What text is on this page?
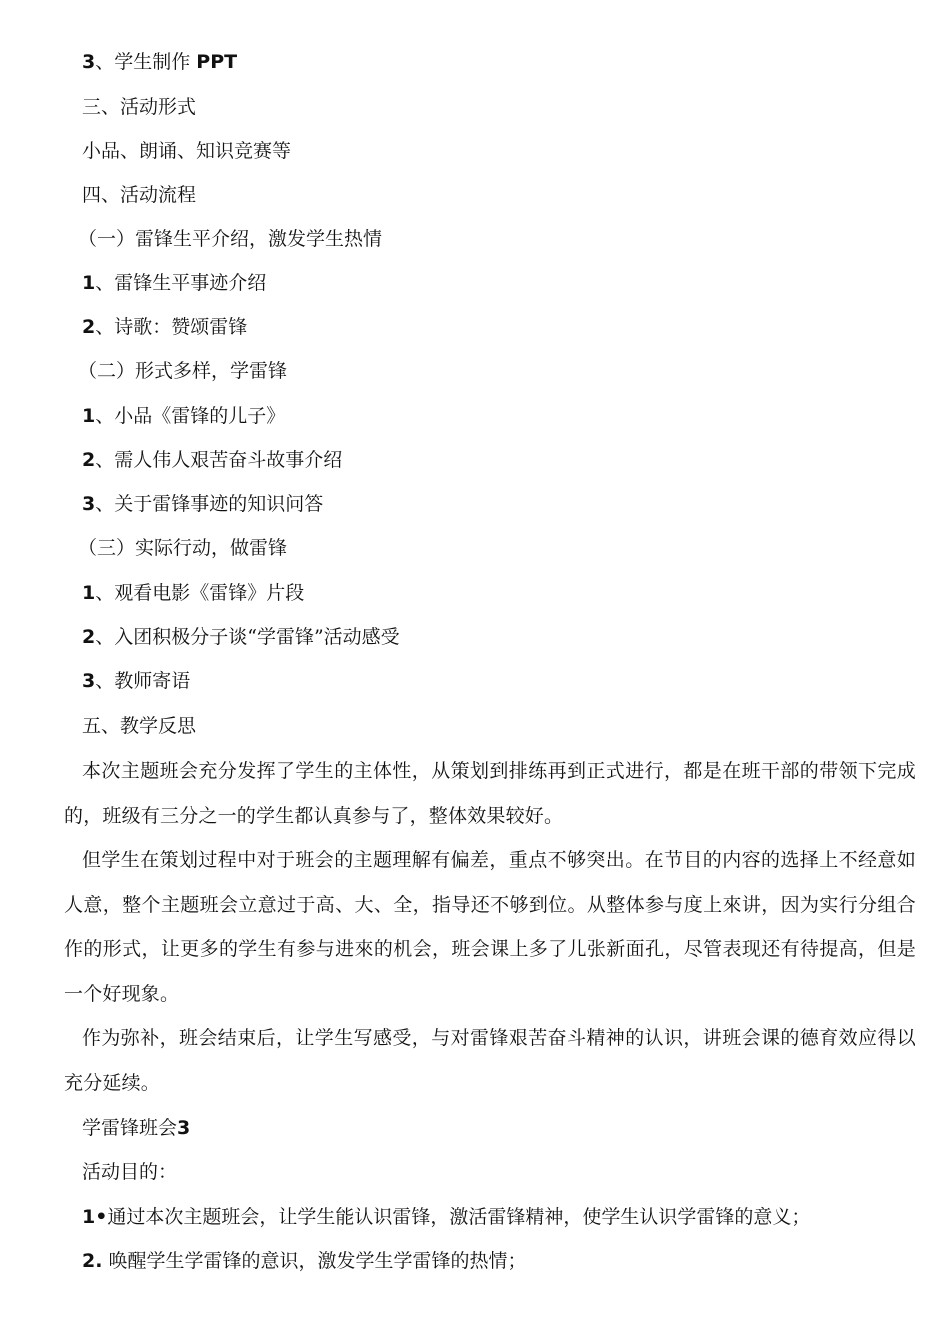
3、学生制作 PPT
三、活动形式
小品、朗诵、知识竞赛等
四、活动流程
（一）雷锋生平介绍，激发学生热情
1、雷锋生平事迹介绍
2、诗歌：赞颂雷锋
（二）形式多样，学雷锋
1、小品《雷锋的儿子》
2、需人伟人艰苦奋斗故事介绍
3、关于雷锋事迹的知识问答
（三）实际行动，做雷锋
1、观看电影《雷锋》片段
2、入团积极分子谈“学雷锋”活动感受
3、教师寄语
五、教学反思
本次主题班会充分发挥了学生的主体性，从策划到排练再到正式进行，都是在班干部的带领下完成的，班级有三分之一的学生都认真参与了，整体效果较好。
但学生在策划过程中对于班会的主题理解有偏差，重点不够突出。在节目的内容的选择上不经意如人意，整个主题班会立意过于高、大、全，指导还不够到位。从整体参与度上來讲，因为实行分组合作的形式，让更多的学生有参与进來的机会，班会课上多了儿张新面孔，尽管表现还有待提高，但是一个好现象。
作为弥补，班会结束后，让学生写感受，与对雷锋艰苦奋斗精神的认识，讲班会课的德育效应得以充分延续。
学雷锋班会3
活动目的：
1•通过本次主题班会，让学生能认识雷锋，激活雷锋精神，使学生认识学雷锋的意义；
2. 唤醒学生学雷锋的意识，激发学生学雷锋的热情；
